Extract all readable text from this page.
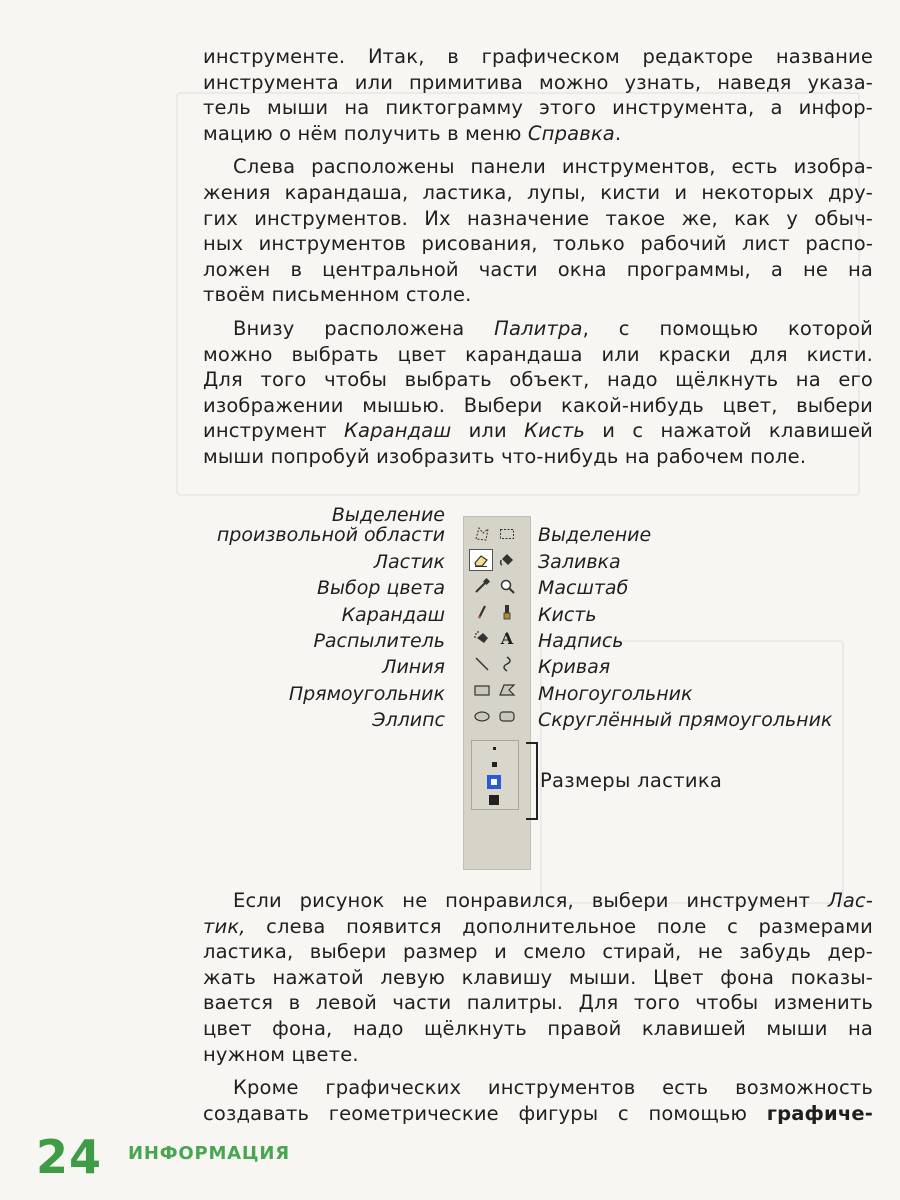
инструменте. Итак, в графическом редакторе название
инструмента или примитива можно узнать, наведя указа-
тель мыши на пиктограмму этого инструмента, а инфор-
мацию о нём получить в меню Справка.

Слева расположены панели инструментов, есть изобра-
жения карандаша, ластика, лупы, кисти и некоторых дру-
гих инструментов. Их назначение такое же, как у обыч-
ных инструментов рисования, только рабочий лист распо-
ложен в центральной части окна программы, а не на
твоём письменном столе.

Внизу расположена Палитра, с помощью которой
можно выбрать цвет карандаша или краски для кисти.
Для того чтобы выбрать объект, надо щёлкнуть на его
изображении мышью. Выбери какой-нибудь цвет, выбери
инструмент Карандаш или Кисть и с нажатой клавишей
мыши попробуй изобразить что-нибудь на рабочем поле.

Выделение
произвольной области
Ластик
Выбор цвета
Карандаш
Распылитель
Линия
Прямоугольник
Эллипс
Выделение
Заливка
Масштаб
Кисть
Надпись
Кривая
Многоугольник
Скруглённый прямоугольник
A
Размеры ластика

Если рисунок не понравился, выбери инструмент Лас-
тик, слева появится дополнительное поле с размерами
ластика, выбери размер и смело стирай, не забудь дер-
жать нажатой левую клавишу мыши. Цвет фона показы-
вается в левой части палитры. Для того чтобы изменить
цвет фона, надо щёлкнуть правой клавишей мыши на
нужном цвете.

Кроме графических инструментов есть возможность
создавать геометрические фигуры с помощью графиче-

24 ИНФОРМАЦИЯ
